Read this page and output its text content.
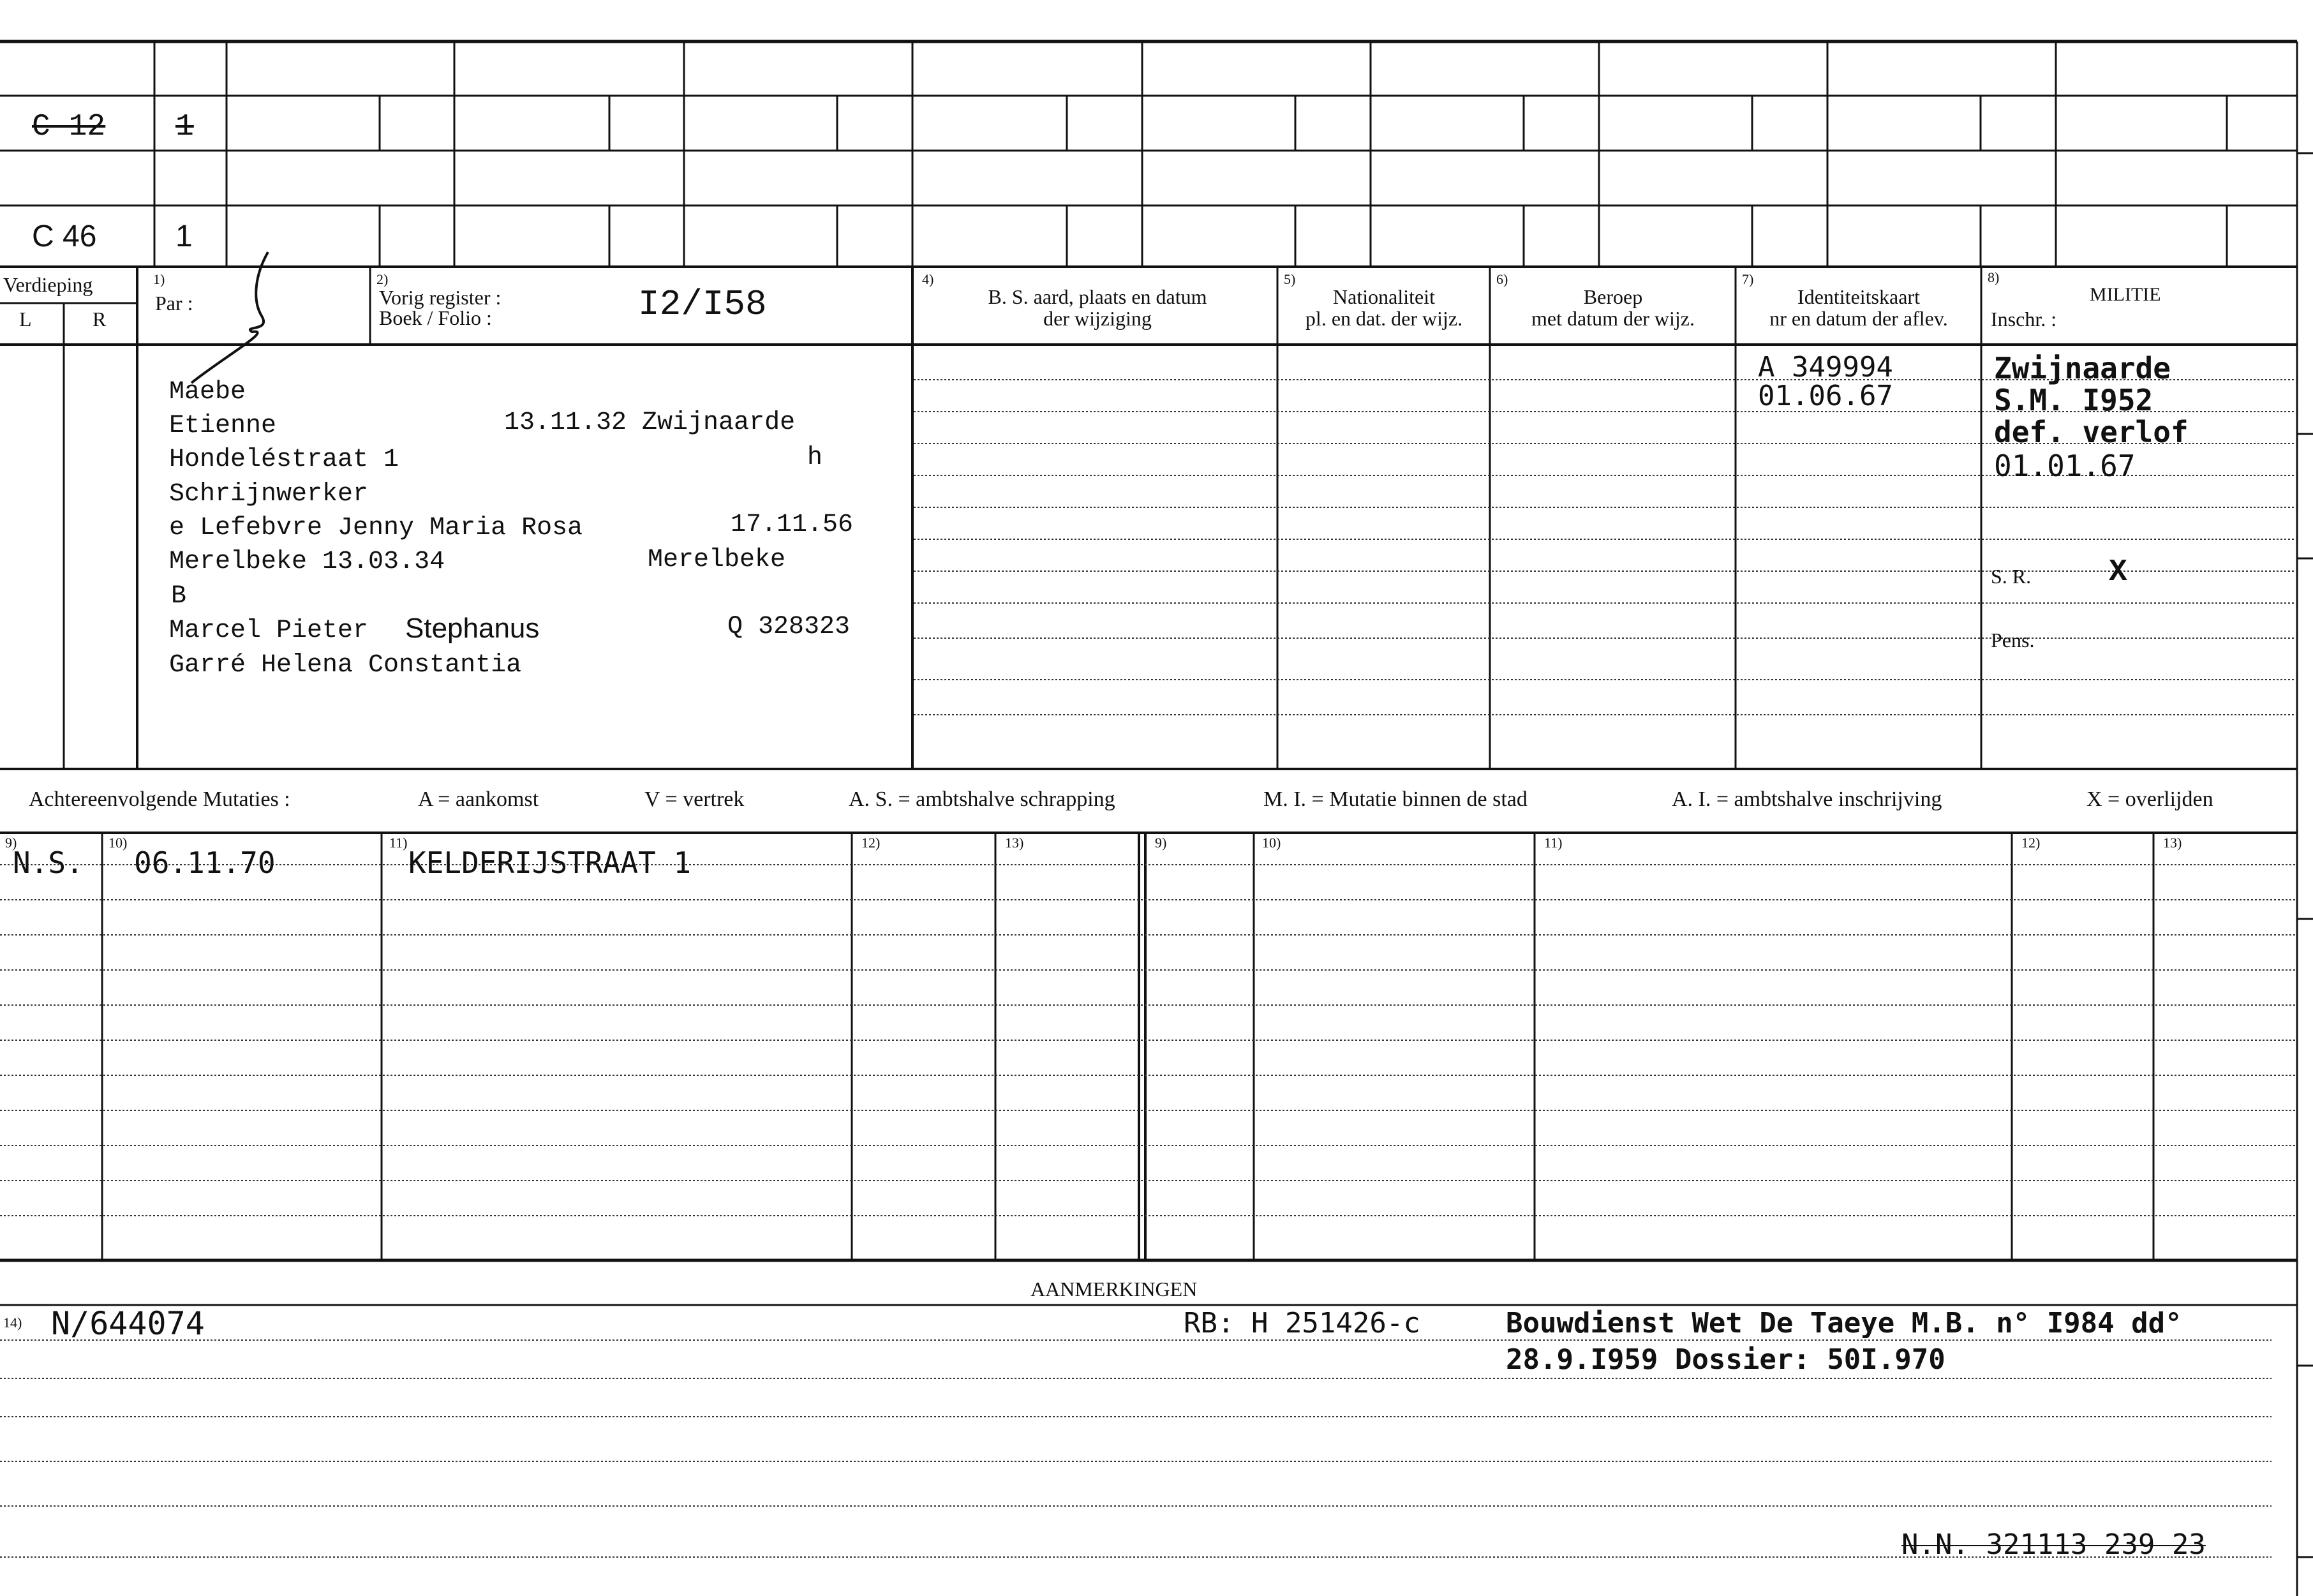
C 12 1
C 46	1
Verdieping
L	R
1)
Par :
2)
Vorig register :
Boek / Folio :	I2/I58
4)
B. S. aard, plaats en datum
der wijziging
5)
Nationaliteit
pl. en dat. der wijz.
6)
Beroep
met datum der wijz.
7)
Identiteitskaart
nr en datum der aflev.
8)
MILITIE
Inschr. :
Maebe
Etienne	13.11.32 Zwijnaarde
Hondeléstraat 1	h
Schrijnwerker
e Lefebvre Jenny Maria Rosa	17.11.56
Merelbeke 13.03.34	Merelbeke
B
Marcel Pieter Stephanus	Q 328323
Garré Helena Constantia
A 349994
01.06.67
Zwijnaarde
S.M. I952
def. verlof
01.01.67
S. R.	X
Pens.
Achtereenvolgende Mutaties :	A = aankomst	V = vertrek	A. S. = ambtshalve schrapping	M. I. = Mutatie binnen de stad	A. I. = ambtshalve inschrijving	X = overlijden
9)	10)	11)	12)	13)	9)	10)	11)	12)	13)
N.S. 06.11.70	KELDERIJSTRAAT 1
AANMERKINGEN
14) N/644074	RB: H 251426-c	Bouwdienst Wet De Taeye M.B. n° I984 dd°
28.9.I959 Dossier: 50I.970
N.N. 321113 239 23
